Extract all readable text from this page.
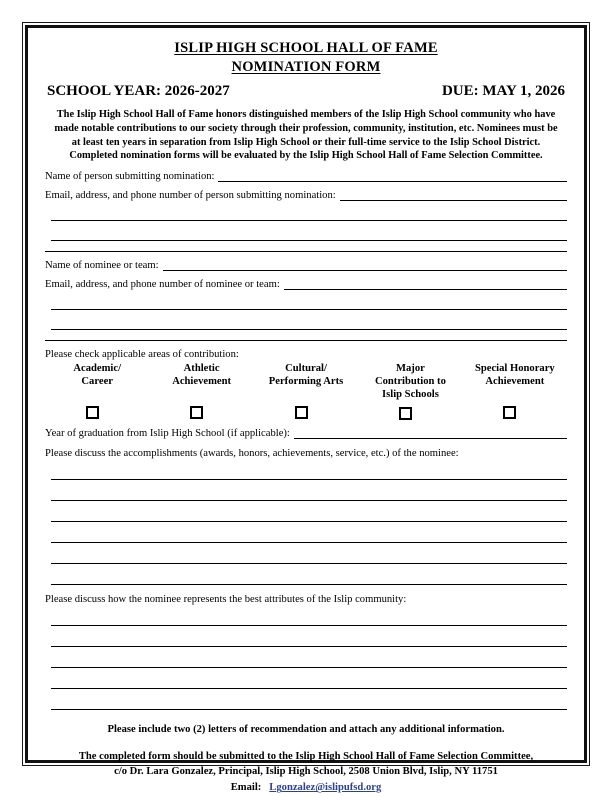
ISLIP HIGH SCHOOL HALL OF FAME
NOMINATION FORM
SCHOOL YEAR: 2026-2027	DUE: MAY 1, 2026
The Islip High School Hall of Fame honors distinguished members of the Islip High School community who have made notable contributions to our society through their profession, community, institution, etc. Nominees must be at least ten years in separation from Islip High School or their full-time service to the Islip School District. Completed nomination forms will be evaluated by the Islip High School Hall of Fame Selection Committee.
Name of person submitting nomination:
Email, address, and phone number of person submitting nomination:
Name of nominee or team:
Email, address, and phone number of nominee or team:
Please check applicable areas of contribution:
Academic/
Career
Athletic
Achievement
Cultural/
Performing Arts
Major
Contribution to
Islip Schools
Special Honorary
Achievement
Year of graduation from Islip High School (if applicable):
Please discuss the accomplishments (awards, honors, achievements, service, etc.) of the nominee:
Please discuss how the nominee represents the best attributes of the Islip community:
Please include two (2) letters of recommendation and attach any additional information.
The completed form should be submitted to the Islip High School Hall of Fame Selection Committee,
c/o Dr. Lara Gonzalez, Principal, Islip High School, 2508 Union Blvd, Islip, NY 11751
Email: Lgonzalez@islipufsd.org
